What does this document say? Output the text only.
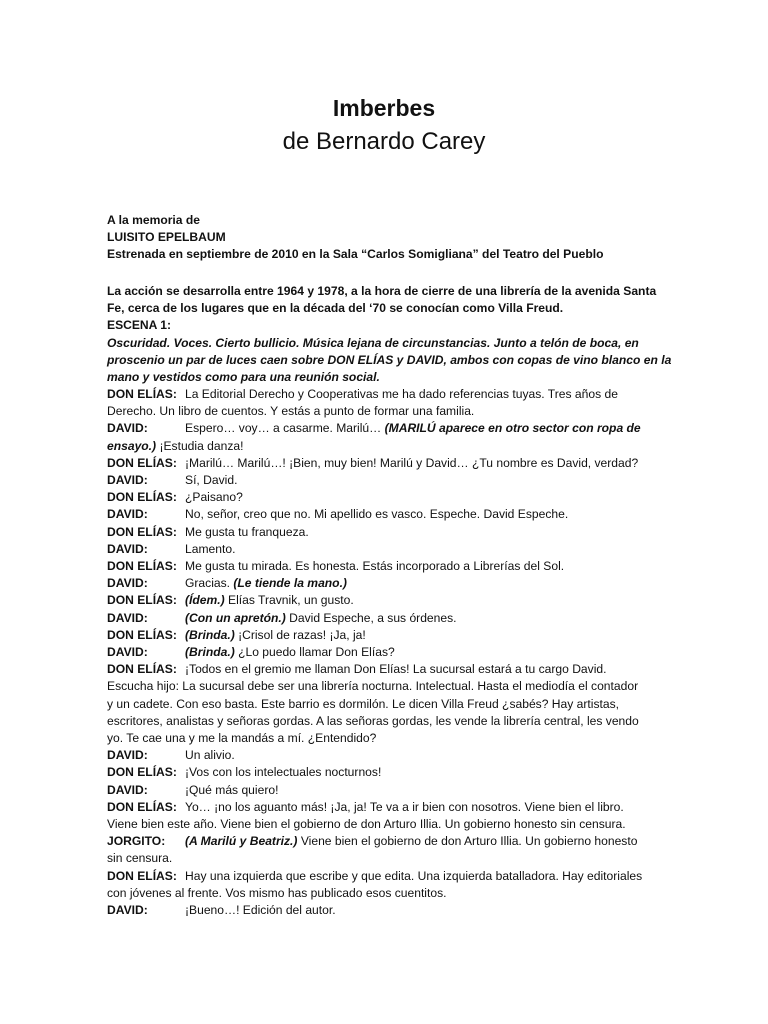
Imberbes
de Bernardo Carey
A la memoria de
LUISITO EPELBAUM
Estrenada en septiembre de 2010 en la Sala “Carlos Somigliana” del Teatro del Pueblo
La acción se desarrolla entre 1964 y 1978, a la hora de cierre de una librería de la avenida Santa
Fe, cerca de los lugares que en la década del ‘70 se conocían como Villa Freud.
ESCENA 1:
Oscuridad. Voces. Cierto bullicio. Música lejana de circunstancias. Junto a telón de boca, en
proscenio un par de luces caen sobre DON ELÍAS y DAVID, ambos con copas de vino blanco en la
mano y vestidos como para una reunión social.
DON ELÍAS: La Editorial Derecho y Cooperativas me ha dado referencias tuyas. Tres años de
Derecho. Un libro de cuentos. Y estás a punto de formar una familia.
DAVID:	Espero… voy… a casarme. Marilú… (MARILÚ aparece en otro sector con ropa de
ensayo.) ¡Estudia danza!
DON ELÍAS: ¡Marilú… Marilú…! ¡Bien, muy bien! Marilú y David… ¿Tu nombre es David, verdad?
DAVID:	Sí, David.
DON ELÍAS: ¿Paisano?
DAVID:	No, señor, creo que no. Mi apellido es vasco. Espeche. David Espeche.
DON ELÍAS: Me gusta tu franqueza.
DAVID:	Lamento.
DON ELÍAS: Me gusta tu mirada. Es honesta. Estás incorporado a Librerías del Sol.
DAVID:	Gracias. (Le tiende la mano.)
DON ELÍAS: (Ídem.) Elías Travnik, un gusto.
DAVID:	(Con un apretón.) David Espeche, a sus órdenes.
DON ELÍAS: (Brinda.) ¡Crisol de razas! ¡Ja, ja!
DAVID:	(Brinda.) ¿Lo puedo llamar Don Elías?
DON ELÍAS: ¡Todos en el gremio me llaman Don Elías! La sucursal estará a tu cargo David.
Escucha hijo: La sucursal debe ser una librería nocturna. Intelectual. Hasta el mediodía el contador
y un cadete. Con eso basta. Este barrio es dormilón. Le dicen Villa Freud ¿sabés? Hay artistas,
escritores, analistas y señoras gordas. A las señoras gordas, les vende la librería central, les vendo
yo. Te cae una y me la mandás a mí. ¿Entendido?
DAVID:	Un alivio.
DON ELÍAS: ¡Vos con los intelectuales nocturnos!
DAVID:	¡Qué más quiero!
DON ELÍAS: Yo… ¡no los aguanto más! ¡Ja, ja! Te va a ir bien con nosotros. Viene bien el libro.
Viene bien este año. Viene bien el gobierno de don Arturo Illia. Un gobierno honesto sin censura.
JORGITO: (A Marilú y Beatriz.) Viene bien el gobierno de don Arturo Illia. Un gobierno honesto
sin censura.
DON ELÍAS: Hay una izquierda que escribe y que edita. Una izquierda batalladora. Hay editoriales
con jóvenes al frente. Vos mismo has publicado esos cuentitos.
DAVID:	¡Bueno…! Edición del autor.
